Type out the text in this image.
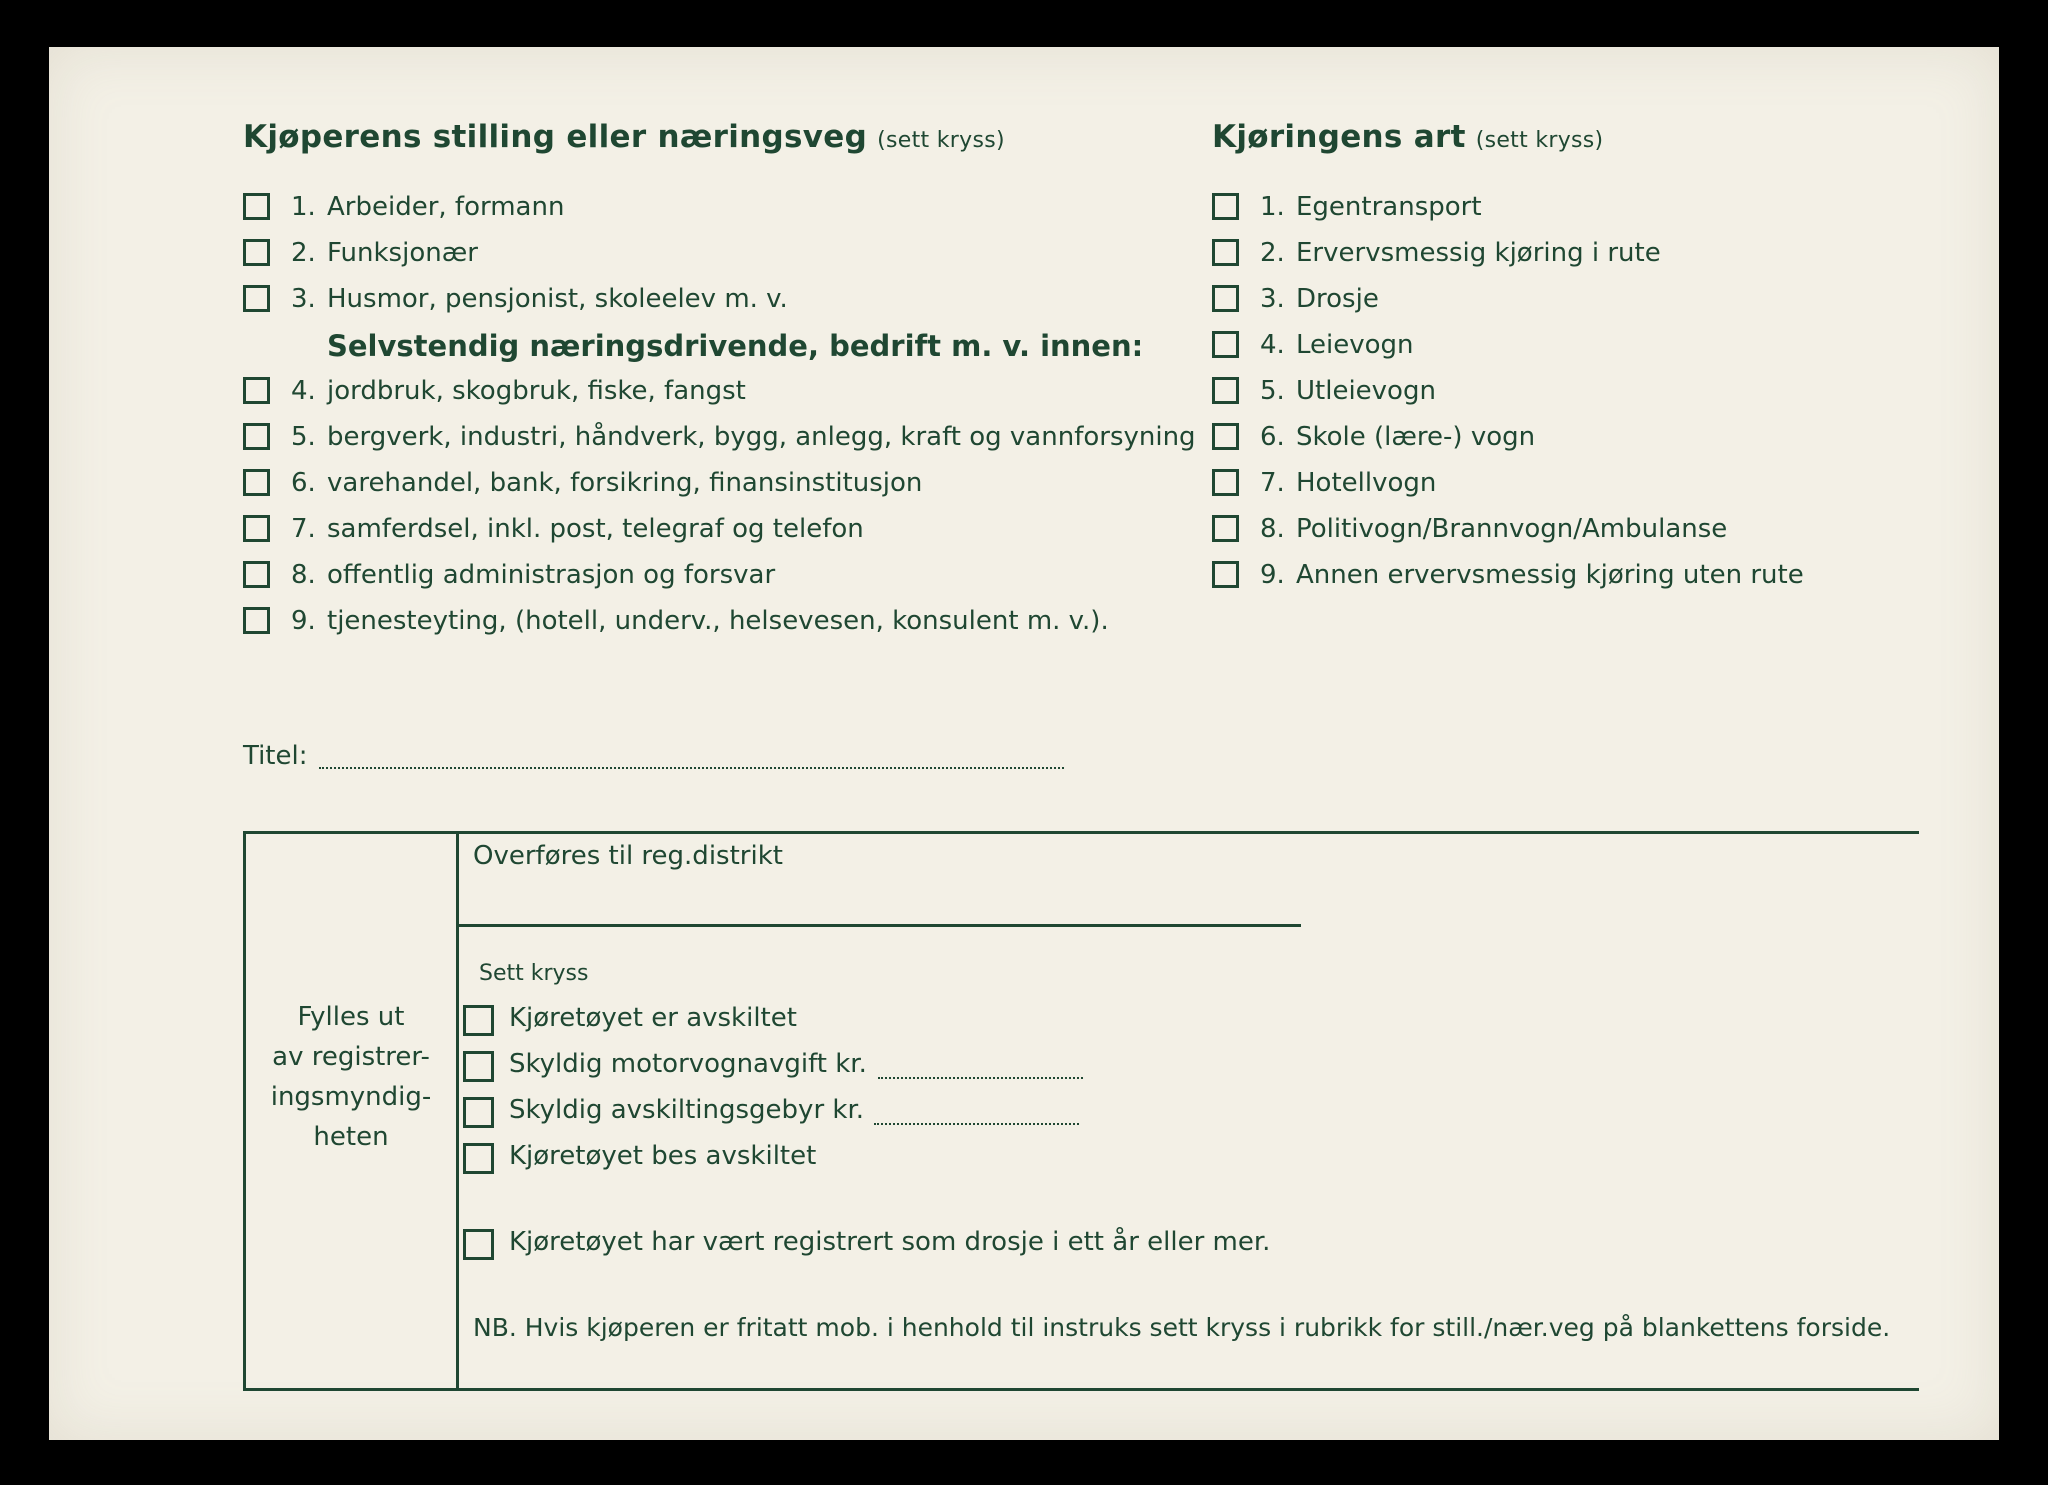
Kjøperens stilling eller næringsveg (sett kryss)	Kjøringens art (sett kryss)
1. Arbeider, formann
2. Funksjonær
3. Husmor, pensjonist, skoleelev m. v.
Selvstendig næringsdrivende, bedrift m. v. innen:
4. jordbruk, skogbruk, fiske, fangst
5. bergverk, industri, håndverk, bygg, anlegg, kraft og vannforsyning
6. varehandel, bank, forsikring, finansinstitusjon
7. samferdsel, inkl. post, telegraf og telefon
8. offentlig administrasjon og forsvar
9. tjenesteyting, (hotell, underv., helsevesen, konsulent m. v.).
1. Egentransport
2. Ervervsmessig kjøring i rute
3. Drosje
4. Leievogn
5. Utleievogn
6. Skole (lære-) vogn
7. Hotellvogn
8. Politivogn/Brannvogn/Ambulanse
9. Annen ervervsmessig kjøring uten rute
Titel:
Fylles ut
av registrer-
ingsmyndig-
heten
Overføres til reg.distrikt
Sett kryss
Kjøretøyet er avskiltet
Skyldig motorvognavgift kr.
Skyldig avskiltingsgebyr kr.
Kjøretøyet bes avskiltet
Kjøretøyet har vært registrert som drosje i ett år eller mer.
NB. Hvis kjøperen er fritatt mob. i henhold til instruks sett kryss i rubrikk for still./nær.veg på blankettens forside.
